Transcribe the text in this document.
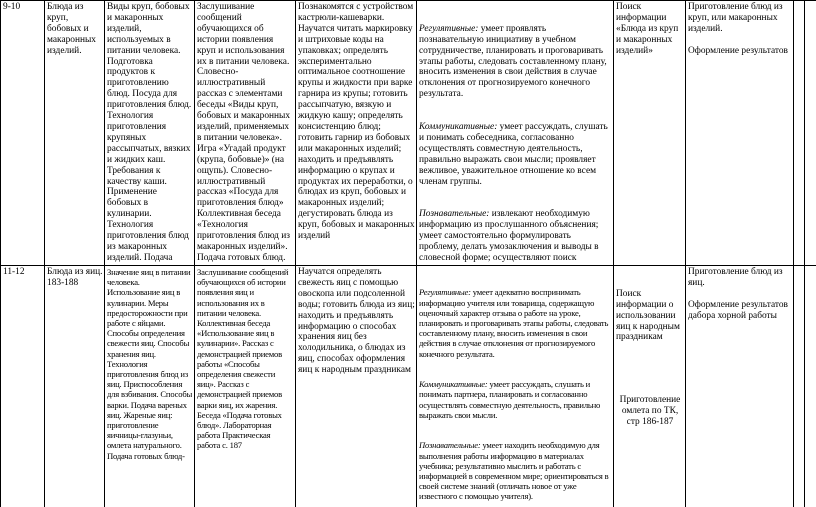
9-10	Блюда из круп, бобовых и макаронных изделий.
Виды круп, бобовых и макаронных изделий, используемых в питании человека. Подготовка продуктов к приготовлению блюд. Посуда для приготовления блюд. Технология приготовления крупяных рассыпчатых, вязких и жидких каш. Требования к качеству каши. Применение бобовых в кулинарии. Технология приготовления блюд из макаронных изделий. Подача
Заслушивание сообщений обучающихся об истории появления круп и использования их в питании человека. Словесно-иллюстративный рассказ с элементами беседы «Виды круп, бобовых и макаронных изделий, применяемых в питании человека». Игра «Угадай продукт (крупа, бобовые)» (на ощупь). Словесно-иллюстративный рассказ «Посуда для приготовления блюд» Коллективная беседа «Технология приготовления блюд из макаронных изделий». Подача готовых блюд.
Познакомятся с устройством кастрюли-кашеварки. Научатся читать маркировку и штриховые коды на упаковках; определять экспериментально оптимальное соотношение крупы и жидкости при варке гарнира из крупы; готовить рассыпчатую, вязкую и жидкую кашу; определять консистенцию блюд; готовить гарнир из бобовых или макаронных изделий; находить и предъявлять информацию о крупах и продуктах их переработки, о блюдах из круп, бобовых и макаронных изделий; дегустировать блюда из круп, бобовых и макаронных изделий

Регулятивные: умеет проявлять познавательную инициативу в учебном сотрудничестве, планировать и проговаривать этапы работы, следовать составленному плану, вносить изменения в свои действия в случае отклонения от прогнозируемого конечного результата.

Коммуникативные: умеет рассуждать, слушать и понимать собеседника, согласованно осуществлять совместную деятельность, правильно выражать свои мысли; проявляет вежливое, уважительное отношение ко всем членам группы.

Познавательные: извлекают необходимую информацию из прослушанного объяснения; умеет самостоятельно формулировать проблему, делать умозаключения и выводы в словесной форме; осуществляют поиск

Поиск информации «Блюда из круп и макаронных изделий»
Приготовление блюд из круп, или макаронных изделий.

Оформление результатов
11-12	Блюда из яиц. 183-188
Значение яиц в питании человека. Использование яиц в кулинарии. Меры предосторожности при работе с яйцами. Способы определения свежести яиц. Способы хранения яиц. Технология приготовления блюд из яиц. Приспособления для взбивания. Способы варки. Подача вареных яиц. Жареные яиц: приготовление яичницы-глазуньи, омлета натурального. Подача готовых блюд-
Заслушивание сообщений обучающихся об истории появления яиц и использования их в питании человека. Коллективная беседа «Использование яиц в кулинарии». Рассказ с демонстрацией приемов работы «Способы определения свежести яиц». Рассказ с демонстрацией приемов варки яиц, их жарения. Беседа «Подача готовых блюд». Лабораторная работа Практическая работа с. 187
Научатся определять свежесть яиц с помощью овоскопа или подсоленной воды; готовить блюда из яиц; находить и предъявлять информацию о способах хранения яиц без холодильника, о блюдах из яиц, способах оформления яиц к народным праздникам

Регулятивные: умеет адекватно воспринимать информацию учителя или товарища, содержащую оценочный характер отзыва о работе на уроке, планировать и проговаривать этапы работы, следовать составленному плану, вносить изменения в свои действия в случае отклонения от прогнозируемого конечного результата.

Коммуникативные: умеет рассуждать, слушать и понимать партнера, планировать и согласованно осуществлять совместную деятельность, правильно выражать свои мысли.

Познавательные: умеет находить необходимую для выполнения работы информацию в материалах учебника; результативно мыслить и работать с информацией в современном мире; ориентироваться в своей системе знаний (отличать новое от уже известного с помощью учителя).

Поиск информации о использовании яиц к народным праздникам

Приготовление омлета по ТК, стр 186-187

Приготовление блюд из яиц.

Оформление результатов дабора хорной работы
